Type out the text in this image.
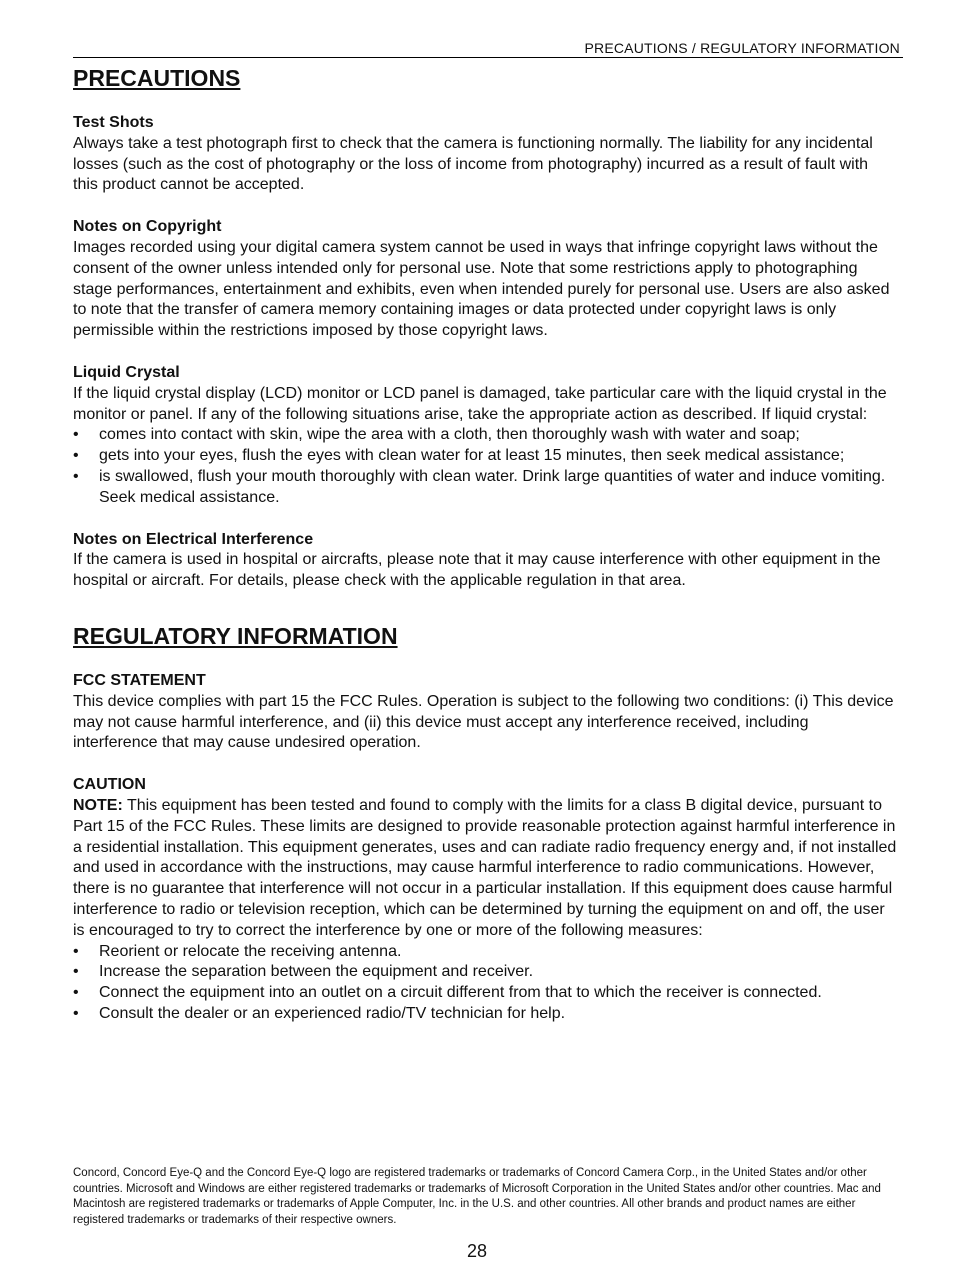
PRECAUTIONS / REGULATORY INFORMATION
PRECAUTIONS
Test Shots

Always take a test photograph first to check that the camera is functioning normally. The liability for any incidental losses (such as the cost of photography or the loss of income from photography) incurred as a result of fault with this product cannot be accepted.

Notes on Copyright

Images recorded using your digital camera system cannot be used in ways that infringe copyright laws without the consent of the owner unless intended only for personal use. Note that some restrictions apply to photographing stage performances, entertainment and exhibits, even when intended purely for personal use. Users are also asked to note that the transfer of camera memory containing images or data protected under copyright laws is only permissible within the restrictions imposed by those copyright laws.

Liquid Crystal

If the liquid crystal display (LCD) monitor or LCD panel is damaged, take particular care with the liquid crystal in the monitor or panel. If any of the following situations arise, take the appropriate action as described. If liquid crystal:

• comes into contact with skin, wipe the area with a cloth, then thoroughly wash with water and soap;
• gets into your eyes, flush the eyes with clean water for at least 15 minutes, then seek medical assistance;
• is swallowed, flush your mouth thoroughly with clean water. Drink large quantities of water and induce vomiting. Seek medical assistance.
Notes on Electrical Interference

If the camera is used in hospital or aircrafts, please note that it may cause interference with other equipment in the hospital or aircraft. For details, please check with the applicable regulation in that area.

REGULATORY INFORMATION
FCC STATEMENT

This device complies with part 15 the FCC Rules. Operation is subject to the following two conditions: (i) This device may not cause harmful interference, and (ii) this device must accept any interference received, including interference that may cause undesired operation.

CAUTION

NOTE: This equipment has been tested and found to comply with the limits for a class B digital device, pursuant to Part 15 of the FCC Rules. These limits are designed to provide reasonable protection against harmful interference in a residential installation. This equipment generates, uses and can radiate radio frequency energy and, if not installed and used in accordance with the instructions, may cause harmful interference to radio communications. However, there is no guarantee that interference will not occur in a particular installation. If this equipment does cause harmful interference to radio or television reception, which can be determined by turning the equipment on and off, the user is encouraged to try to correct the interference by one or more of the following measures:

• Reorient or relocate the receiving antenna.
• Increase the separation between the equipment and receiver.
• Connect the equipment into an outlet on a circuit different from that to which the receiver is connected.
• Consult the dealer or an experienced radio/TV technician for help.
Concord, Concord Eye-Q and the Concord Eye-Q logo are registered trademarks or trademarks of Concord Camera Corp., in the United States and/or other countries. Microsoft and Windows are either registered trademarks or trademarks of Microsoft Corporation in the United States and/or other countries. Mac and Macintosh are registered trademarks or trademarks of Apple Computer, Inc. in the U.S. and other countries. All other brands and product names are either registered trademarks or trademarks of their respective owners.
28
